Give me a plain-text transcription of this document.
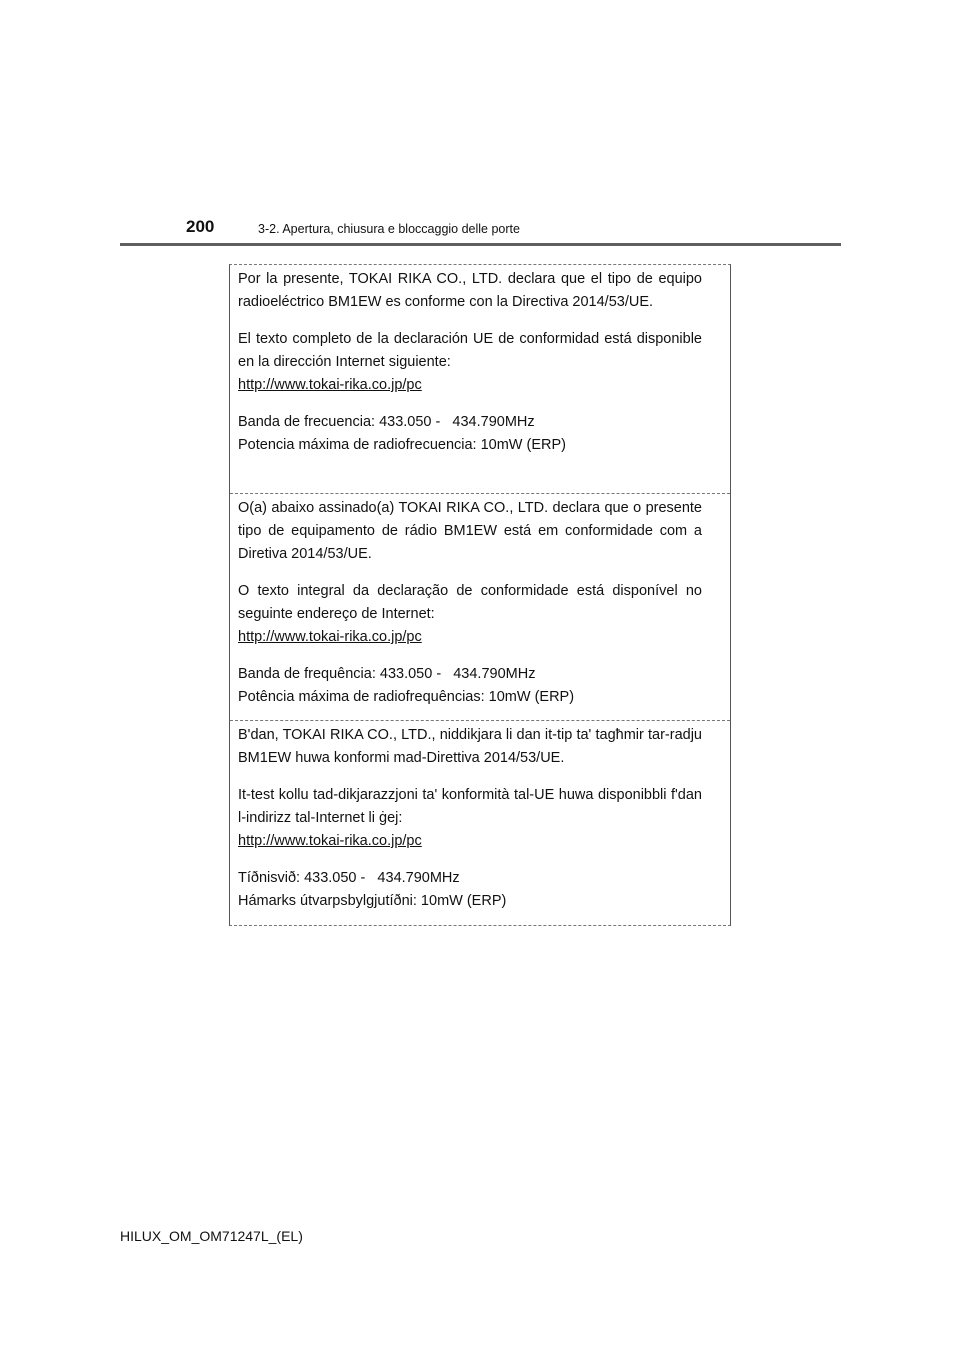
200	3-2. Apertura, chiusura e bloccaggio delle porte

Por la presente, TOKAI RIKA CO., LTD. declara que el tipo de equipo radioeléctrico BM1EW es conforme con la Directiva 2014/53/UE.

El texto completo de la declaración UE de conformidad está disponible en la dirección Internet siguiente:
http://www.tokai-rika.co.jp/pc

Banda de frecuencia: 433.050 -   434.790MHz
Potencia máxima de radiofrecuencia: 10mW (ERP)

O(a) abaixo assinado(a) TOKAI RIKA CO., LTD. declara que o presente tipo de equipamento de rádio BM1EW está em conformidade com a Diretiva 2014/53/UE.

O texto integral da declaração de conformidade está disponível no seguinte endereço de Internet:
http://www.tokai-rika.co.jp/pc

Banda de frequência: 433.050 -   434.790MHz
Potência máxima de radiofrequências: 10mW (ERP)

B'dan, TOKAI RIKA CO., LTD., niddikjara li dan it-tip ta' tagħmir tar-radju BM1EW huwa konformi mad-Direttiva 2014/53/UE.

It-test kollu tad-dikjarazzjoni ta' konformità tal-UE huwa disponibbli f'dan l-indirizz tal-Internet li ġej:
http://www.tokai-rika.co.jp/pc

Tíðnisvið: 433.050 -   434.790MHz
Hámarks útvarpsbylgjutíðni: 10mW (ERP)

HILUX_OM_OM71247L_(EL)
